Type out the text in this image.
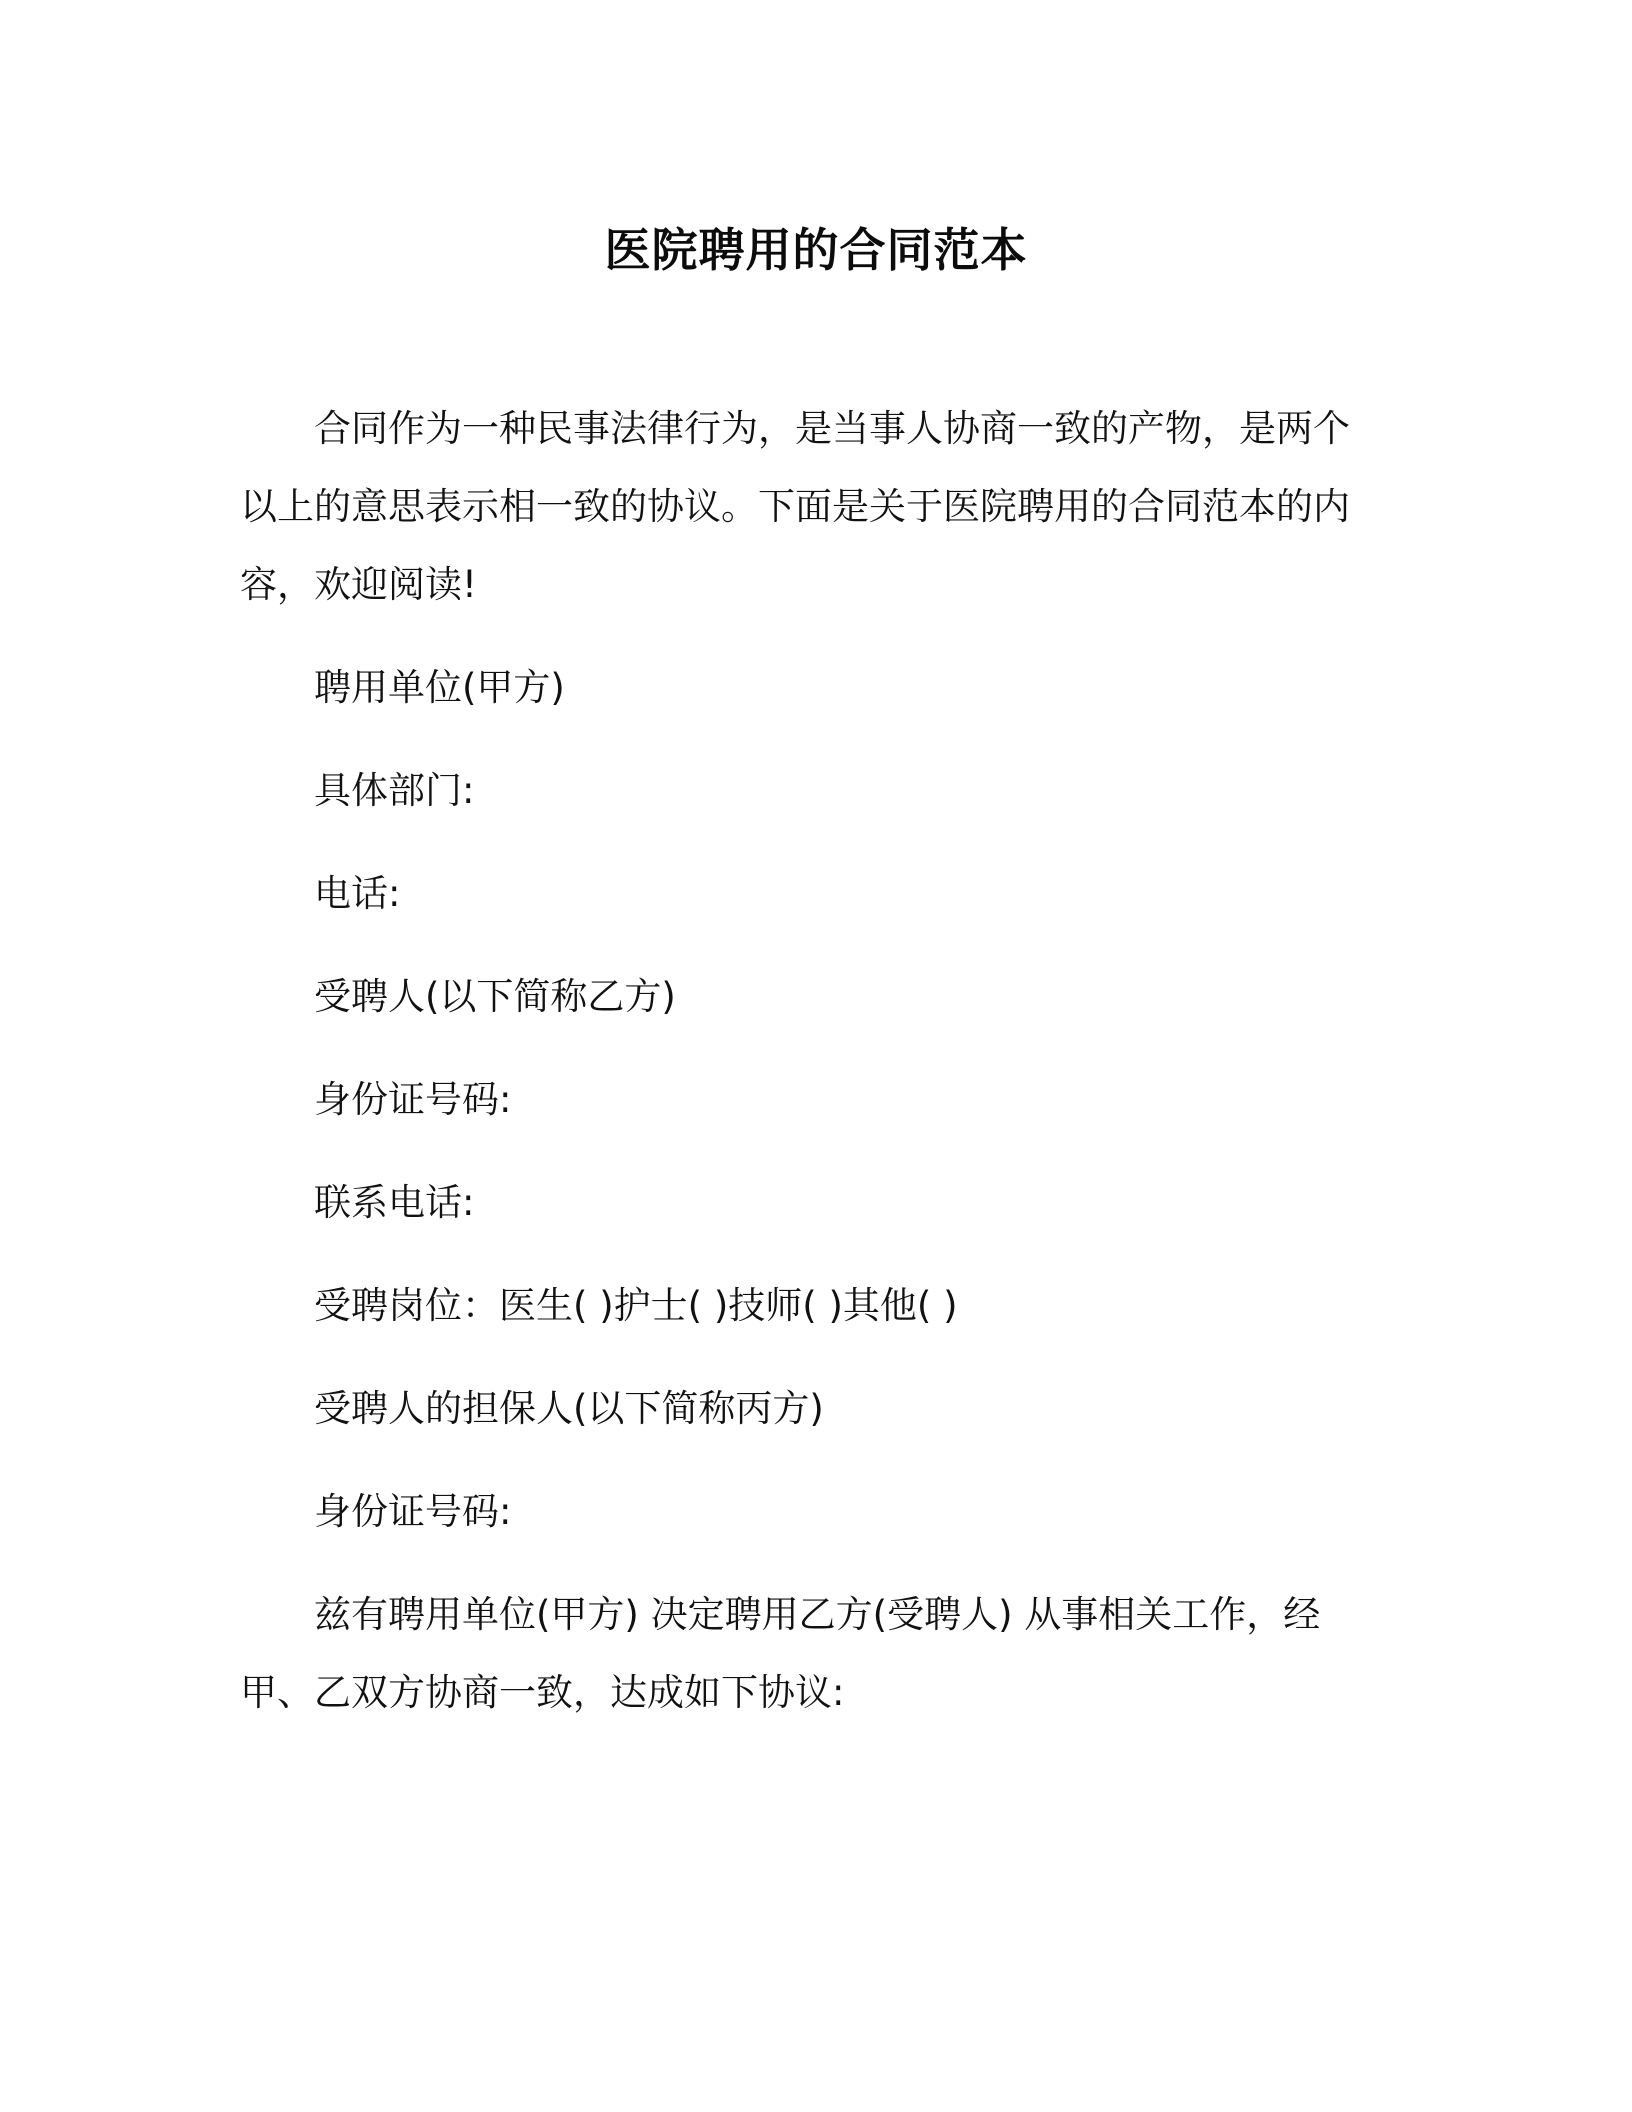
医院聘用的合同范本

合同作为一种民事法律行为，是当事人协商一致的产物，是两个以上的意思表示相一致的协议。下面是关于医院聘用的合同范本的内容，欢迎阅读!

聘用单位(甲方)

具体部门:

电话:

受聘人(以下简称乙方)

身份证号码:

联系电话:

受聘岗位：医生( )护士( )技师( )其他( )

受聘人的担保人(以下简称丙方)

身份证号码:

兹有聘用单位(甲方) 决定聘用乙方(受聘人) 从事相关工作，经甲、乙双方协商一致，达成如下协议:
